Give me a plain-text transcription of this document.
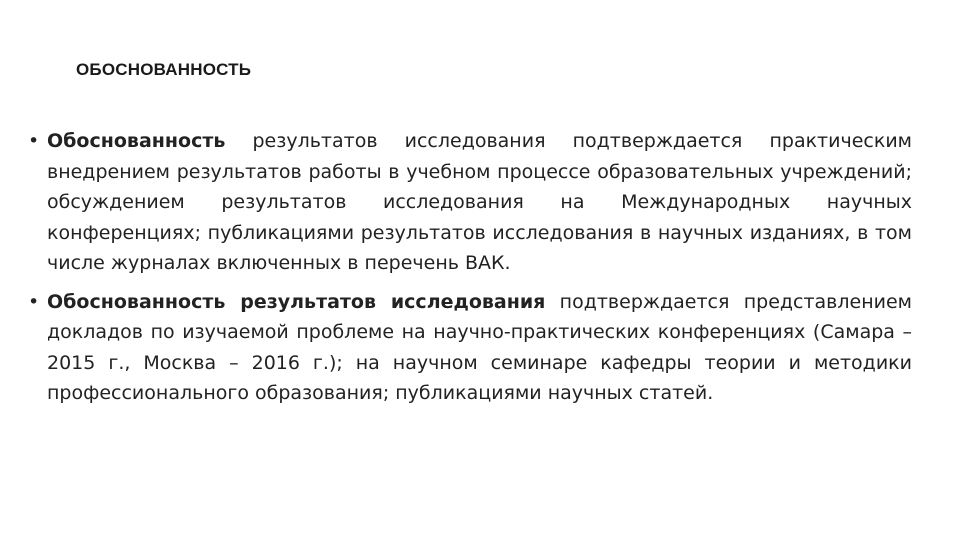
ОБОСНОВАННОСТЬ
• Обоснованность результатов исследования подтверждается практическим внедрением результатов работы в учебном процессе образовательных учреждений; обсуждением результатов исследования на Международных научных конференциях; публикациями результатов исследования в научных изданиях, в том числе журналах включенных в перечень ВАК.
• Обоснованность результатов исследования подтверждается представлением докладов по изучаемой проблеме на научно-практических конференциях (Самара – 2015 г., Москва – 2016 г.); на научном семинаре кафедры теории и методики профессионального образования; публикациями научных статей.
